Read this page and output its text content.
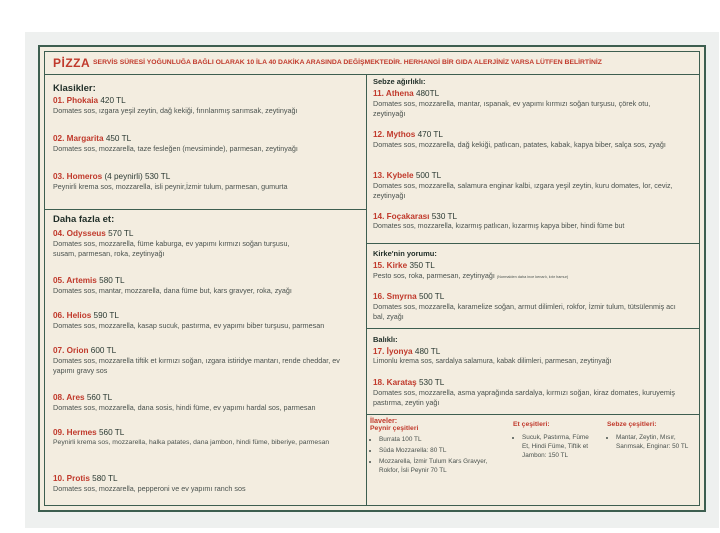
PİZZA SERVİS SÜRESİ YOĞUNLUĞA BAĞLI OLARAK 10 İLA 40 DAKİKA ARASINDA DEĞİŞMEKTEDİR. HERHANGİ BİR GIDA ALERJİNİZ VARSA LÜTFEN BELİRTİNİZ
Klasikler:
01. Phokaia 420 TL
Domates sos, ızgara yeşil zeytin, dağ kekiği, fırınlanmış sarımsak, zeytinyağı
02. Margarita 450 TL
Domates sos, mozzarella, taze fesleğen (mevsiminde), parmesan, zeytinyağı
03. Homeros (4 peynirli) 530 TL
Peynirli krema sos, mozzarella, isli peynir,İzmir tulum, parmesan, gumurta
Daha fazla et:
04. Odysseus 570 TL
Domates sos, mozzarella, füme kaburga, ev yapımı kırmızı soğan turşusu, susam, parmesan, roka, zeytinyağı
05. Artemis 580 TL
Domates sos, mantar, mozzarella, dana füme but, kars gravyer, roka, zyağı
06. Helios 590 TL
Domates sos, mozzarella, kasap sucuk, pastırma, ev yapımı biber turşusu, parmesan
07. Orion 600 TL
Domates sos, mozzarella tiftik et kırmızı soğan, ızgara istiridye mantarı, rende cheddar, ev yapımı gravy sos
08. Ares 560 TL
Domates sos, mozzarella, dana sosis, hindi füme, ev yapımı hardal sos, parmesan
09. Hermes 560 TL
Peynirli krema sos, mozzarella, halka patates, dana jambon, hindi füme, biberiye, parmesan
10. Protis 580 TL
Domates sos, mozzarella, pepperoni ve ev yapımı ranch sos
Sebze ağırlıklı:
11. Athena 480TL
Domates sos, mozzarella, mantar, ıspanak, ev yapımı kırmızı soğan turşusu, çörek otu, zeytinyağı
12. Mythos 470 TL
Domates sos, mozzarella, dağ kekiği, patlıcan, patates, kabak, kapya biber, salça sos, zyağı
13. Kybele 500 TL
Domates sos, mozzarella, salamura enginar kalbi, ızgara yeşil zeytin, kuru domates, lor, ceviz, zeytinyağı
14. Foçakarası 530 TL
Domates sos, mozzarella, kızarmış patlıcan, kızarmış kapya biber, hindi füme but
Kirke'nin yorumu:
15. Kirke 350 TL
Pesto sos, roka, parmesan, zeytinyağı (Normalden daha ince kenarlı, kıtır hamur)
16. Smyrna 500 TL
Domates sos, mozzarella, karamelize soğan, armut dilimleri, rokfor, İzmir tulum, tütsülenmiş acı bal, zyağı
Balıklı:
17. İyonya 480 TL
Limonlu krema sos, sardalya salamura, kabak dilimleri, parmesan, zeytinyağı
18. Karataş 530 TL
Domates sos, mozzarella, asma yaprağında sardalya, kırmızı soğan, kiraz domates, kuruyemiş pastırma, zeytin yağı
İlaveler:
Peynir çeşitleri
• Burrata 100 TL
• Süda Mozzarella: 80 TL
• Mozzarella, İzmir Tulum Kars Gravyer, Rokfor, İsli Peynir 70 TL
Et çeşitleri:
• Sucuk, Pastırma, Füme Et, Hindi Füme, Tiftik et Jambon: 150 TL
Sebze çeşitleri:
• Mantar, Zeytin, Mısır, Sarımsak, Enginar: 50 TL
